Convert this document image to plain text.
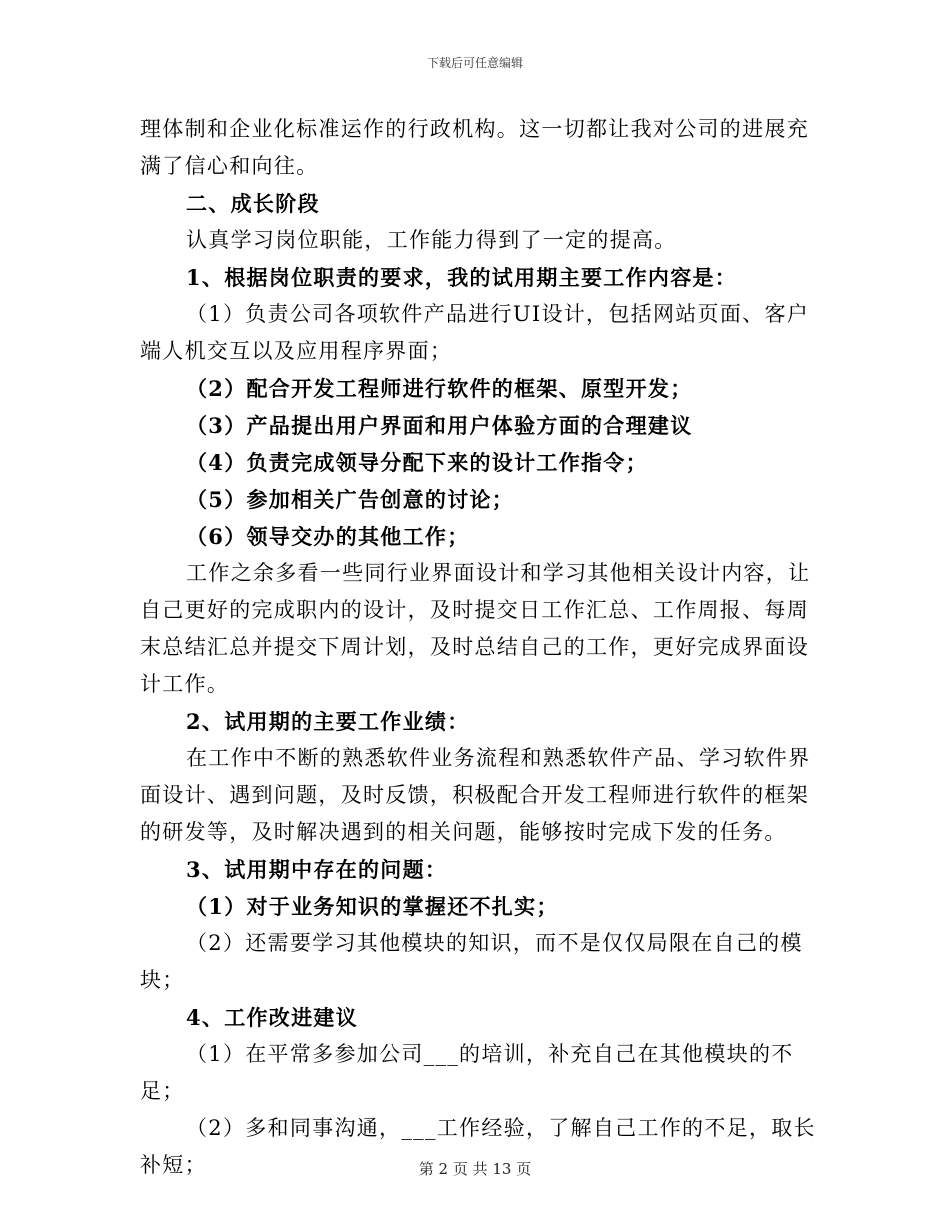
下载后可任意编辑

理体制和企业化标准运作的行政机构。这一切都让我对公司的进展充满了信心和向往。

二、成长阶段

认真学习岗位职能，工作能力得到了一定的提高。

1、根据岗位职责的要求，我的试用期主要工作内容是：

（1）负责公司各项软件产品进行UI设计，包括网站页面、客户端人机交互以及应用程序界面；

（2）配合开发工程师进行软件的框架、原型开发；

（3）产品提出用户界面和用户体验方面的合理建议

（4）负责完成领导分配下来的设计工作指令；

（5）参加相关广告创意的讨论；

（6）领导交办的其他工作；

工作之余多看一些同行业界面设计和学习其他相关设计内容，让自己更好的完成职内的设计，及时提交日工作汇总、工作周报、每周末总结汇总并提交下周计划，及时总结自己的工作，更好完成界面设计工作。

2、试用期的主要工作业绩：

在工作中不断的熟悉软件业务流程和熟悉软件产品、学习软件界面设计、遇到问题，及时反馈，积极配合开发工程师进行软件的框架的研发等，及时解决遇到的相关问题，能够按时完成下发的任务。

3、试用期中存在的问题：

（1）对于业务知识的掌握还不扎实；

（2）还需要学习其他模块的知识，而不是仅仅局限在自己的模块；

4、工作改进建议

（1）在平常多参加公司___的培训，补充自己在其他模块的不足；

（2）多和同事沟通，___工作经验，了解自己工作的不足，取长补短；	第 2 页 共 13 页
